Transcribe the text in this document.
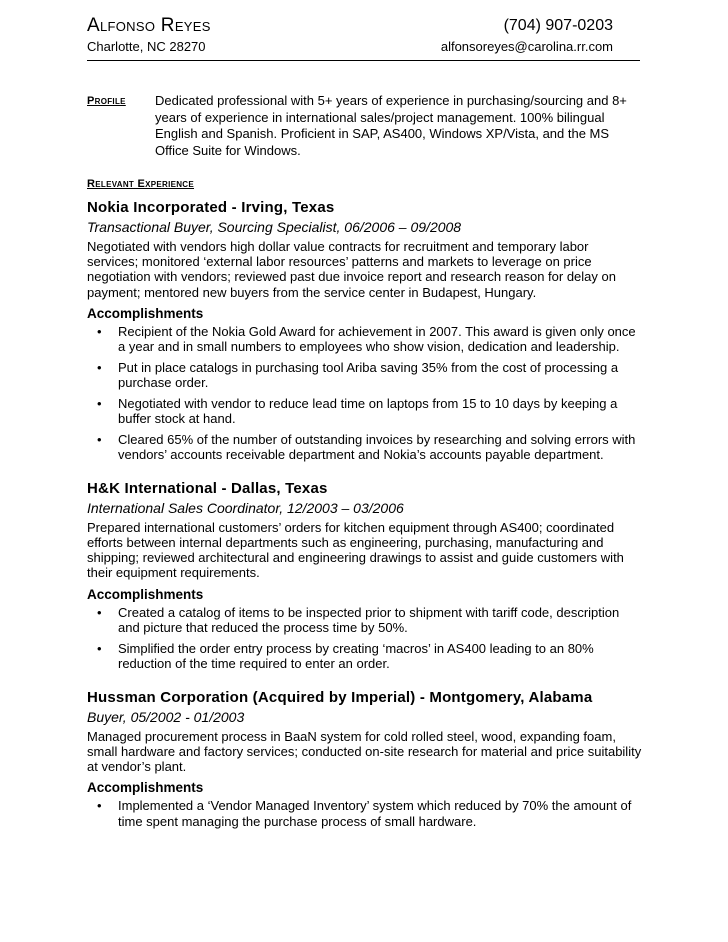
Alfonso Reyes
Charlotte, NC 28270
(704) 907-0203
alfonsoreyes@carolina.rr.com
Profile Dedicated professional with 5+ years of experience in purchasing/sourcing and 8+ years of experience in international sales/project management. 100% bilingual English and Spanish. Proficient in SAP, AS400, Windows XP/Vista, and the MS Office Suite for Windows.
Relevant Experience
Nokia Incorporated - Irving, Texas
Transactional Buyer, Sourcing Specialist, 06/2006 – 09/2008
Negotiated with vendors high dollar value contracts for recruitment and temporary labor services; monitored ‘external labor resources’ patterns and markets to leverage on price negotiation with vendors; reviewed past due invoice report and research reason for delay on payment; mentored new buyers from the service center in Budapest, Hungary.
Accomplishments
• Recipient of the Nokia Gold Award for achievement in 2007. This award is given only once a year and in small numbers to employees who show vision, dedication and leadership.
• Put in place catalogs in purchasing tool Ariba saving 35% from the cost of processing a purchase order.
• Negotiated with vendor to reduce lead time on laptops from 15 to 10 days by keeping a buffer stock at hand.
• Cleared 65% of the number of outstanding invoices by researching and solving errors with vendors’ accounts receivable department and Nokia’s accounts payable department.
H&K International - Dallas, Texas
International Sales Coordinator, 12/2003 – 03/2006
Prepared international customers’ orders for kitchen equipment through AS400; coordinated efforts between internal departments such as engineering, purchasing, manufacturing and shipping; reviewed architectural and engineering drawings to assist and guide customers with their equipment requirements.
Accomplishments
• Created a catalog of items to be inspected prior to shipment with tariff code, description and picture that reduced the process time by 50%.
• Simplified the order entry process by creating ‘macros’ in AS400 leading to an 80% reduction of the time required to enter an order.
Hussman Corporation (Acquired by Imperial) - Montgomery, Alabama
Buyer, 05/2002 - 01/2003
Managed procurement process in BaaN system for cold rolled steel, wood, expanding foam, small hardware and factory services; conducted on-site research for material and price suitability at vendor’s plant.
Accomplishments
• Implemented a ‘Vendor Managed Inventory’ system which reduced by 70% the amount of time spent managing the purchase process of small hardware.
